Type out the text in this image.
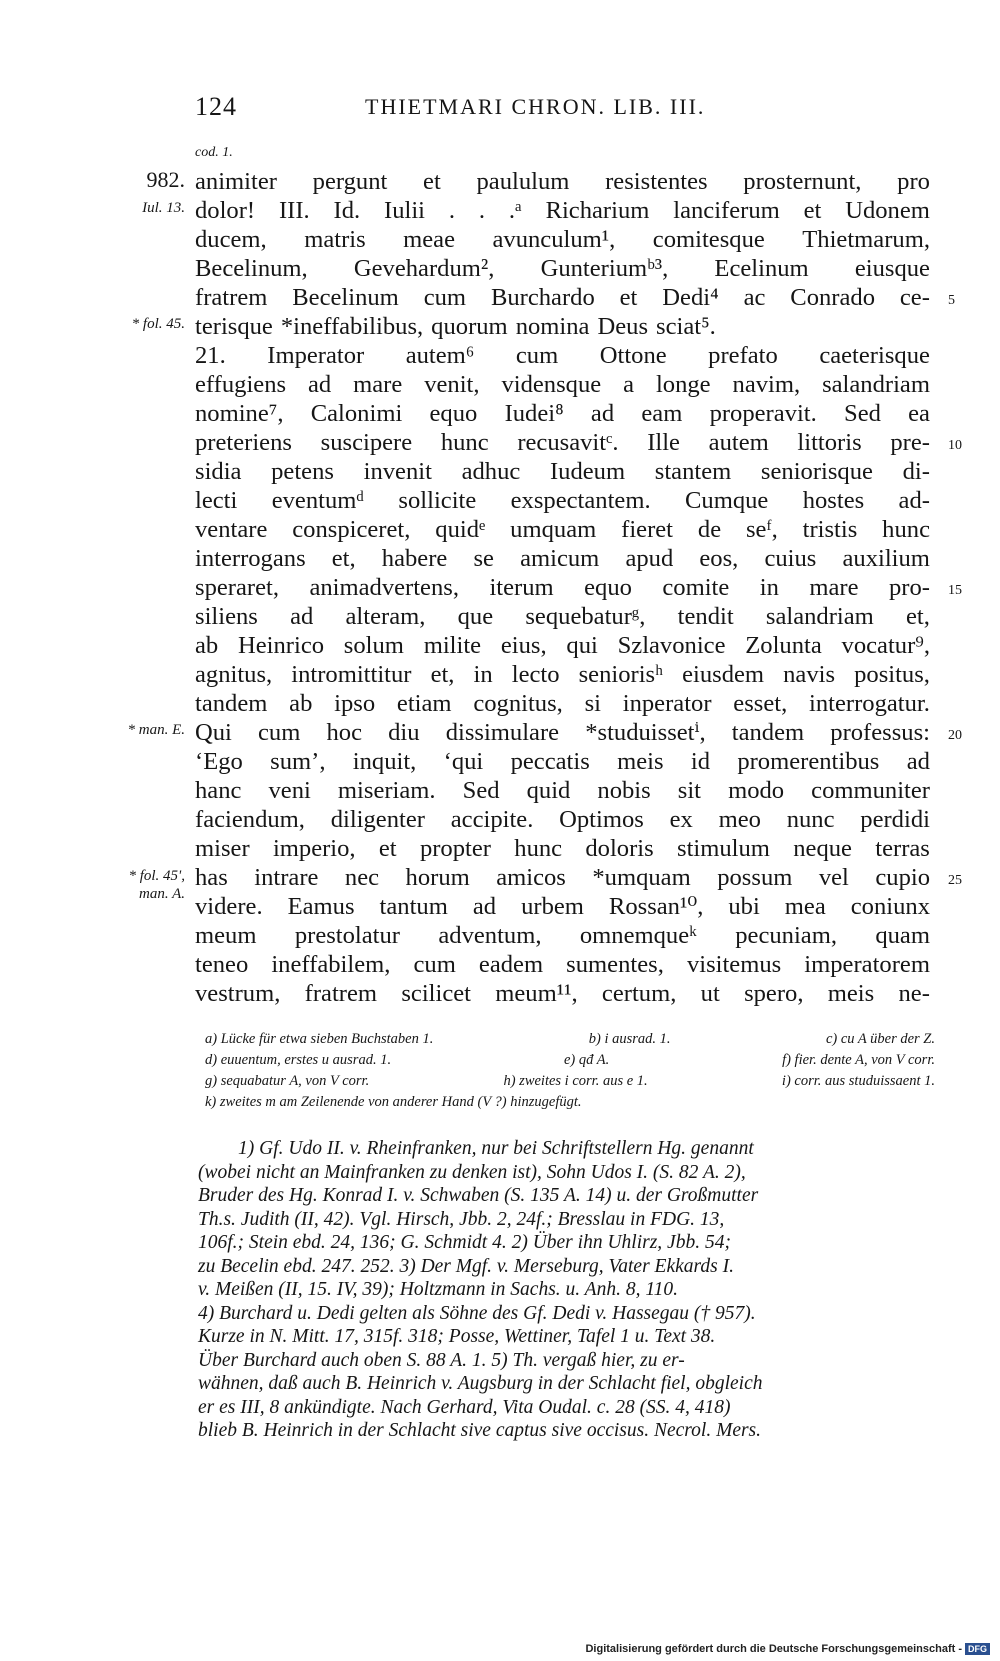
124	THIETMARI CHRON. LIB. III.
cod. 1.
982.
Iul. 13.
* fol. 45.
* man. E.
* fol. 45',
man. A.
5
10
15
20
25
animiter pergunt et paululum resistentes prosternunt, pro
dolor! III. Id. Iulii . . .ᵃ Richarium lanciferum et Udonem
ducem, matris meae avunculum¹, comitesque Thietmarum,
Becelinum, Gevehardum², Gunteriumᵇ³, Ecelinum eiusque
fratrem Becelinum cum Burchardo et Dedi⁴ ac Conrado ce-
terisque *ineffabilibus, quorum nomina Deus sciat⁵.
21. Imperator autem⁶ cum Ottone prefato caeterisque
effugiens ad mare venit, vidensque a longe navim, salandriam
nomine⁷, Calonimi equo Iudei⁸ ad eam properavit. Sed ea
preteriens suscipere hunc recusavitᶜ. Ille autem littoris pre-
sidia petens invenit adhuc Iudeum stantem seniorisque di-
lecti eventumᵈ sollicite exspectantem. Cumque hostes ad-
ventare conspiceret, quidᵉ umquam fieret de seᶠ, tristis hunc
interrogans et, habere se amicum apud eos, cuius auxilium
speraret, animadvertens, iterum equo comite in mare pro-
siliens ad alteram, que sequebaturᵍ, tendit salandriam et,
ab Heinrico solum milite eius, qui Szlavonice Zolunta vocatur⁹,
agnitus, intromittitur et, in lecto seniorisʰ eiusdem navis positus,
tandem ab ipso etiam cognitus, si inperator esset, interrogatur.
Qui cum hoc diu dissimulare *studuissetⁱ, tandem professus:
‘Ego sum’, inquit, ‘qui peccatis meis id promerentibus ad
hanc veni miseriam. Sed quid nobis sit modo communiter
faciendum, diligenter accipite. Optimos ex meo nunc perdidi
miser imperio, et propter hunc doloris stimulum neque terras
has intrare nec horum amicos *umquam possum vel cupio
videre. Eamus tantum ad urbem Rossan¹⁰, ubi mea coniunx
meum prestolatur adventum, omnemqueᵏ pecuniam, quam
teneo ineffabilem, cum eadem sumentes, visitemus imperatorem
vestrum, fratrem scilicet meum¹¹, certum, ut spero, meis ne-
a) Lücke für etwa sieben Buchstaben 1.	b) i ausrad. 1.	c) cu A über der Z.
d) euuentum, erstes u ausrad. 1.	e) qđ A.	f) fier. dente A, von V corr.
g) sequabatur A, von V corr.	h) zweites i corr. aus e 1.	i) corr. aus studuissaent 1.
k) zweites m am Zeilenende von anderer Hand (V ?) hinzugefügt.
1) Gf. Udo II. v. Rheinfranken, nur bei Schriftstellern Hg. genannt
(wobei nicht an Mainfranken zu denken ist), Sohn Udos I. (S. 82 A. 2),
Bruder des Hg. Konrad I. v. Schwaben (S. 135 A. 14) u. der Großmutter
Th.s. Judith (II, 42). Vgl. Hirsch, Jbb. 2, 24f.; Bresslau in FDG. 13,
106f.; Stein ebd. 24, 136; G. Schmidt 4. 2) Über ihn Uhlirz, Jbb. 54;
zu Becelin ebd. 247. 252. 3) Der Mgf. v. Merseburg, Vater Ekkards I.
v. Meißen (II, 15. IV, 39); Holtzmann in Sachs. u. Anh. 8, 110.
4) Burchard u. Dedi gelten als Söhne des Gf. Dedi v. Hassegau († 957).
Kurze in N. Mitt. 17, 315f. 318; Posse, Wettiner, Tafel 1 u. Text 38.
Über Burchard auch oben S. 88 A. 1. 5) Th. vergaß hier, zu er-
wähnen, daß auch B. Heinrich v. Augsburg in der Schlacht fiel, obgleich
er es III, 8 ankündigte. Nach Gerhard, Vita Oudal. c. 28 (SS. 4, 418)
blieb B. Heinrich in der Schlacht sive captus sive occisus. Necrol. Mers.
Digitalisierung gefördert durch die Deutsche Forschungsgemeinschaft - DFG
